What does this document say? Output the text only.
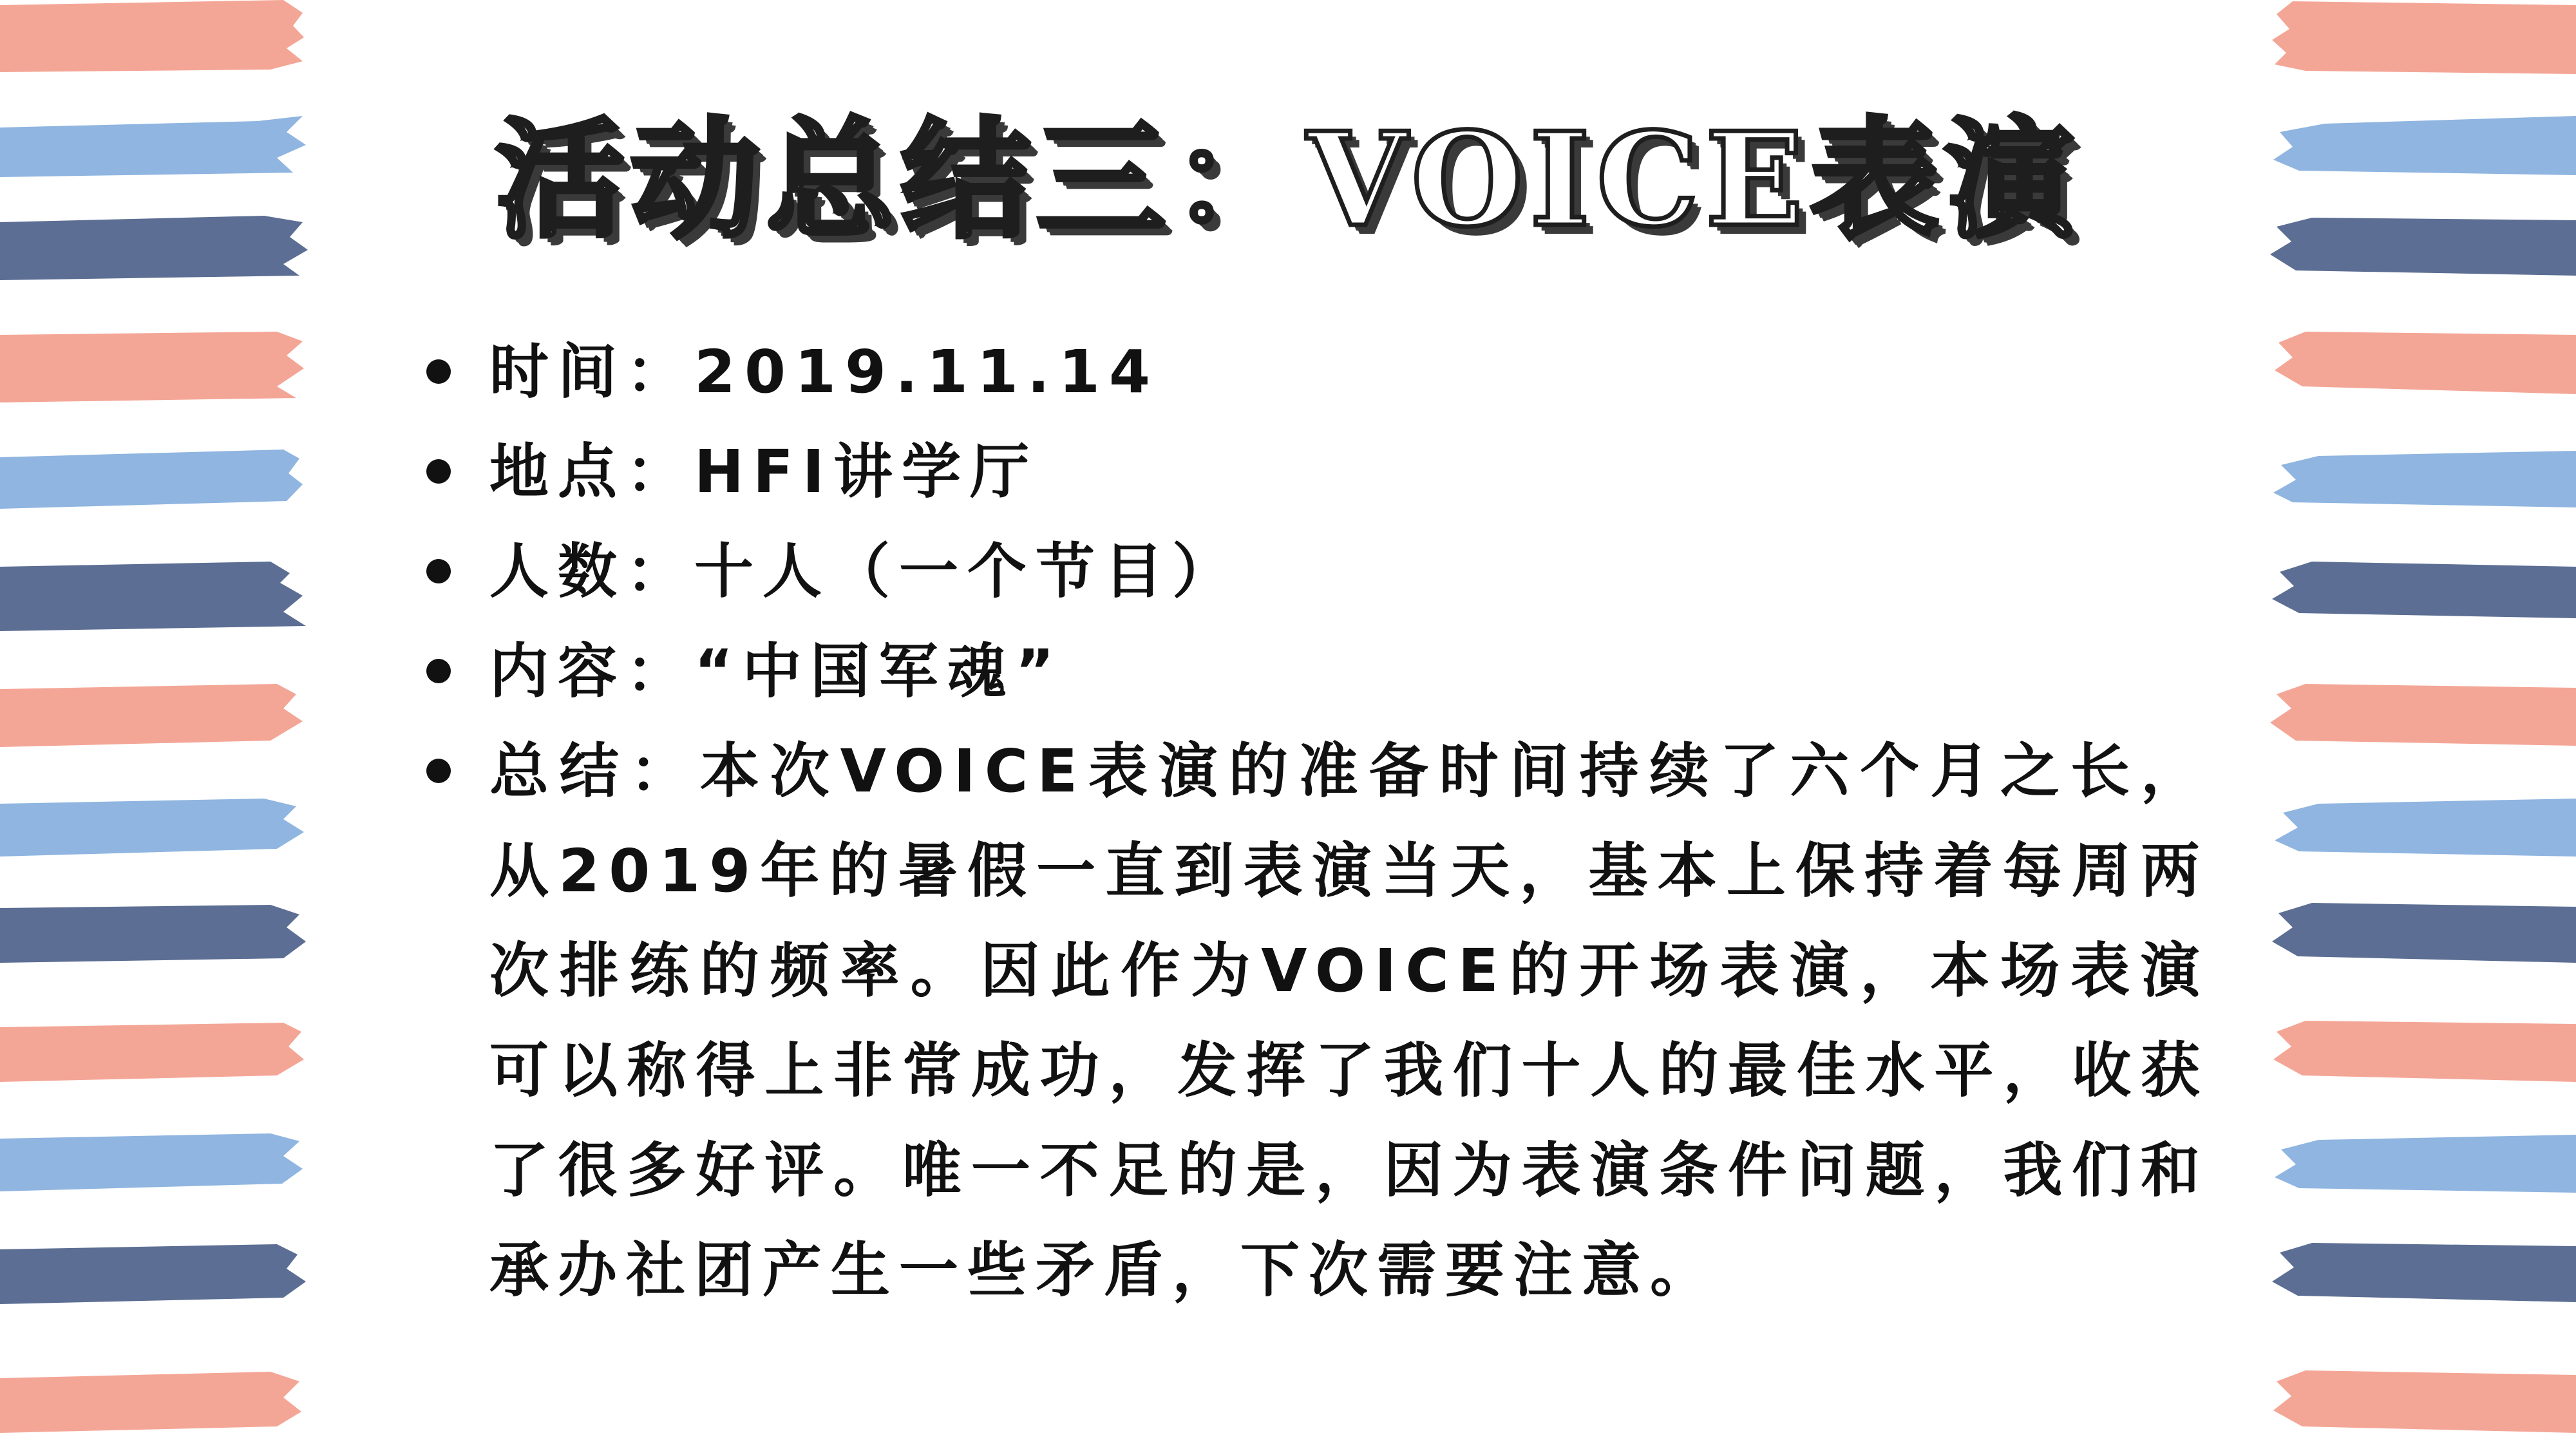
活动总结三：VOICE表演

时间：2019.11.14

地点：HFI讲学厅

人数：十人（一个节目）

内容：“中国军魂”

总结：本次VOICE表演的准备时间持续了六个月之长，从2019年的暑假一直到表演当天，基本上保持着每周两次排练的频率。因此作为VOICE的开场表演，本场表演可以称得上非常成功，发挥了我们十人的最佳水平，收获了很多好评。唯一不足的是，因为表演条件问题，我们和承办社团产生一些矛盾，下次需要注意。
